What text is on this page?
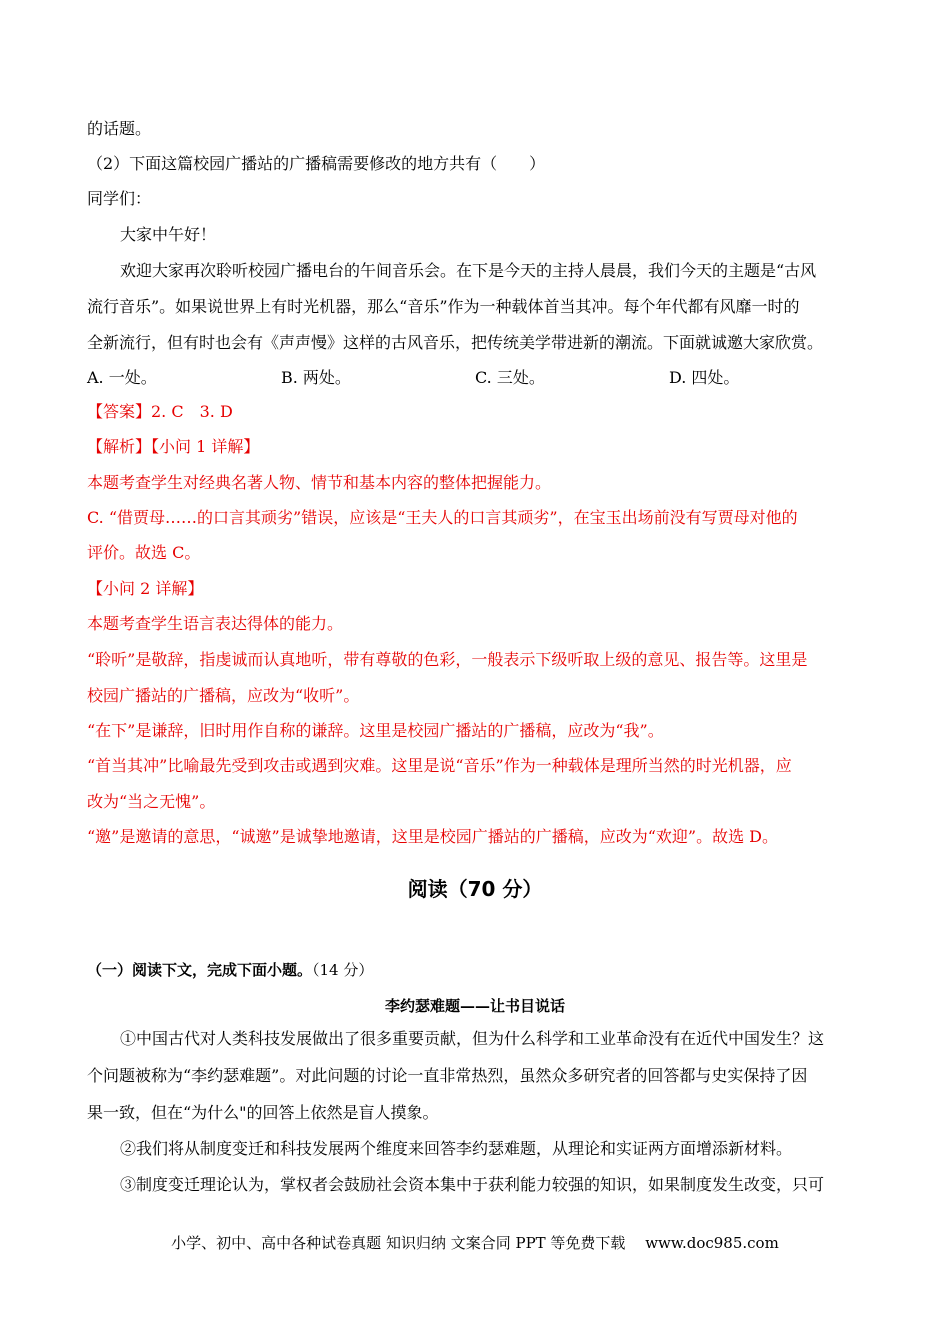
的话题。
（2）下面这篇校园广播站的广播稿需要修改的地方共有（　　）
同学们：
大家中午好！
欢迎大家再次聆听校园广播电台的午间音乐会。在下是今天的主持人晨晨，我们今天的主题是“古风
流行音乐”。如果说世界上有时光机器，那么“音乐”作为一种载体首当其冲。每个年代都有风靡一时的
全新流行，但有时也会有《声声慢》这样的古风音乐，把传统美学带进新的潮流。下面就诚邀大家欣赏。
A. 一处。	B. 两处。	C. 三处。	D. 四处。
【答案】2. C　3. D
【解析】【小问 1 详解】
本题考查学生对经典名著人物、情节和基本内容的整体把握能力。
C. “借贾母……的口言其顽劣”错误，应该是“王夫人的口言其顽劣”，在宝玉出场前没有写贾母对他的
评价。故选 C。
【小问 2 详解】
本题考查学生语言表达得体的能力。
“聆听”是敬辞，指虔诚而认真地听，带有尊敬的色彩，一般表示下级听取上级的意见、报告等。这里是
校园广播站的广播稿，应改为“收听”。
“在下”是谦辞，旧时用作自称的谦辞。这里是校园广播站的广播稿，应改为“我”。
“首当其冲”比喻最先受到攻击或遇到灾难。这里是说“音乐”作为一种载体是理所当然的时光机器，应
改为“当之无愧”。
“邀”是邀请的意思，“诚邀”是诚挚地邀请，这里是校园广播站的广播稿，应改为“欢迎”。故选 D。
阅读（70 分）
（一）阅读下文，完成下面小题。（14 分）
李约瑟难题——让书目说话
①中国古代对人类科技发展做出了很多重要贡献，但为什么科学和工业革命没有在近代中国发生？这
个问题被称为“李约瑟难题”。对此问题的讨论一直非常热烈，虽然众多研究者的回答都与史实保持了因
果一致，但在“为什么"的回答上依然是盲人摸象。
②我们将从制度变迁和科技发展两个维度来回答李约瑟难题，从理论和实证两方面增添新材料。
③制度变迁理论认为，掌权者会鼓励社会资本集中于获利能力较强的知识，如果制度发生改变，只可
小学、初中、高中各种试卷真题 知识归纳 文案合同 PPT 等免费下载　 www.doc985.com
